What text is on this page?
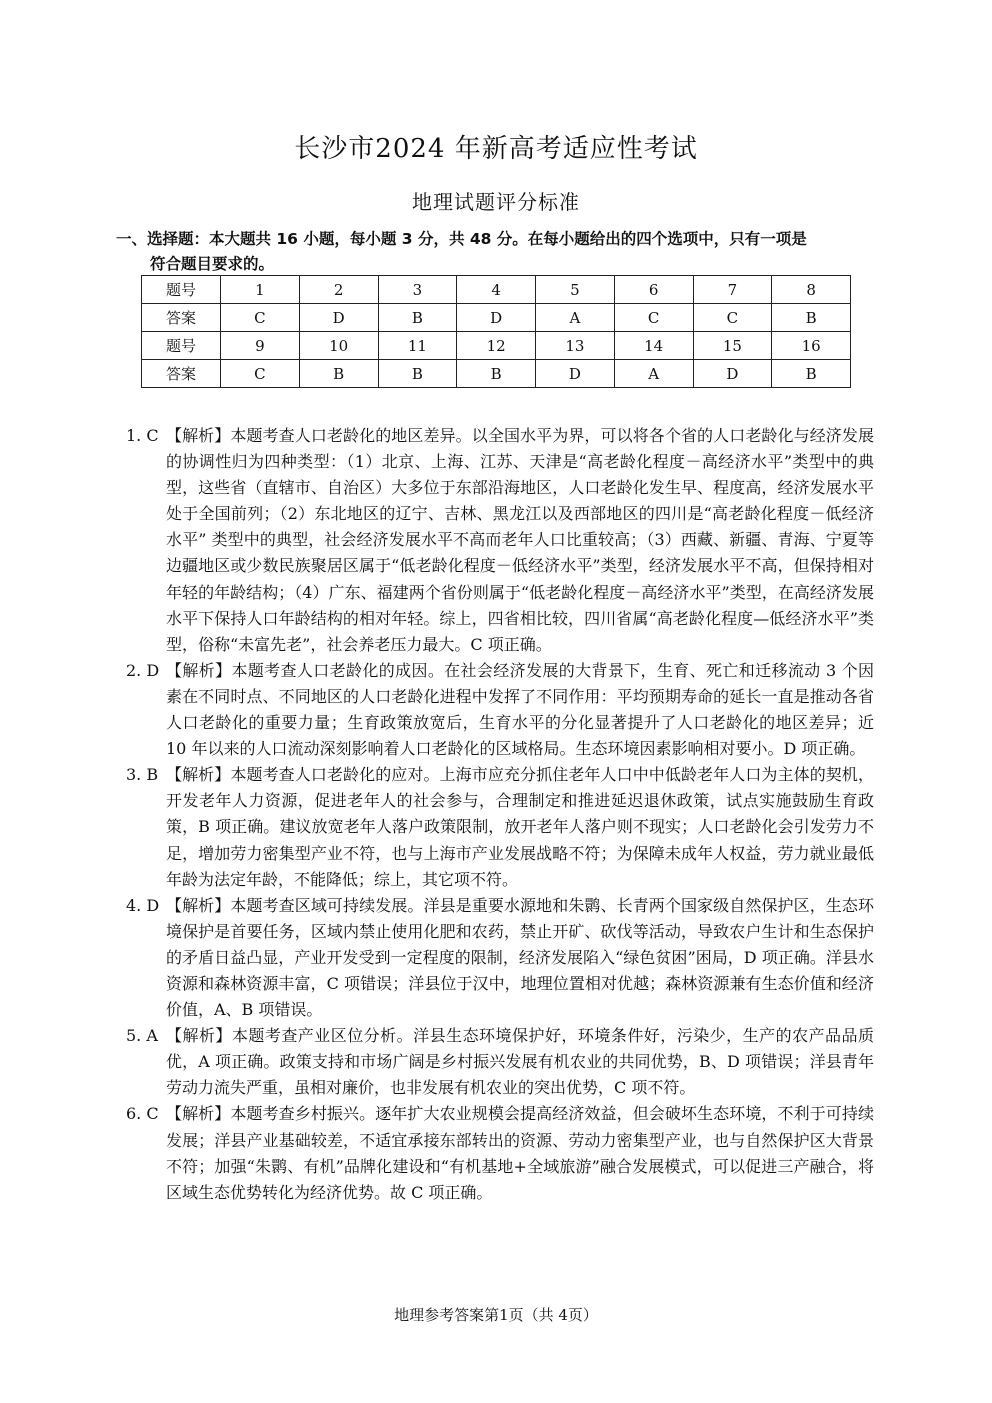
长沙市2024 年新高考适应性考试
地理试题评分标准
一、选择题：本大题共 16 小题，每小题 3 分，共 48 分。在每小题给出的四个选项中，只有一项是
符合题目要求的。
题号	1	2	3	4	5	6	7	8
答案	C	D	B	D	A	C	C	B
题号	9	10	11	12	13	14	15	16
答案	C	B	B	B	D	A	D	B
1. C 【解析】本题考查人口老龄化的地区差异。以全国水平为界，可以将各个省的人口老龄化与经济发展的协调性归为四种类型：（1）北京、上海、江苏、天津是“高老龄化程度－高经济水平”类型中的典型，这些省（直辖市、自治区）大多位于东部沿海地区，人口老龄化发生早、程度高，经济发展水平处于全国前列；（2）东北地区的辽宁、吉林、黑龙江以及西部地区的四川是“高老龄化程度－低经济水平” 类型中的典型，社会经济发展水平不高而老年人口比重较高；（3）西藏、新疆、青海、宁夏等边疆地区或少数民族聚居区属于“低老龄化程度－低经济水平”类型，经济发展水平不高，但保持相对年轻的年龄结构；（4）广东、福建两个省份则属于“低老龄化程度－高经济水平”类型，在高经济发展水平下保持人口年龄结构的相对年轻。综上，四省相比较，四川省属“高老龄化程度—低经济水平”类型，俗称“未富先老”，社会养老压力最大。C 项正确。
2. D 【解析】本题考查人口老龄化的成因。在社会经济发展的大背景下，生育、死亡和迁移流动 3 个因素在不同时点、不同地区的人口老龄化进程中发挥了不同作用：平均预期寿命的延长一直是推动各省人口老龄化的重要力量；生育政策放宽后，生育水平的分化显著提升了人口老龄化的地区差异；近 10 年以来的人口流动深刻影响着人口老龄化的区域格局。生态环境因素影响相对要小。D 项正确。
3. B 【解析】本题考查人口老龄化的应对。上海市应充分抓住老年人口中中低龄老年人口为主体的契机，开发老年人力资源，促进老年人的社会参与，合理制定和推进延迟退休政策，试点实施鼓励生育政策，B 项正确。建议放宽老年人落户政策限制，放开老年人落户则不现实；人口老龄化会引发劳力不足，增加劳力密集型产业不符，也与上海市产业发展战略不符；为保障未成年人权益，劳力就业最低年龄为法定年龄，不能降低；综上，其它项不符。
4. D 【解析】本题考查区域可持续发展。洋县是重要水源地和朱鹮、长青两个国家级自然保护区，生态环境保护是首要任务，区域内禁止使用化肥和农药，禁止开矿、砍伐等活动，导致农户生计和生态保护的矛盾日益凸显，产业开发受到一定程度的限制，经济发展陷入“绿色贫困”困局，D 项正确。洋县水资源和森林资源丰富，C 项错误；洋县位于汉中，地理位置相对优越；森林资源兼有生态价值和经济价值，A、B 项错误。
5. A 【解析】本题考查产业区位分析。洋县生态环境保护好，环境条件好，污染少，生产的农产品品质优，A 项正确。政策支持和市场广阔是乡村振兴发展有机农业的共同优势，B、D 项错误；洋县青年劳动力流失严重，虽相对廉价，也非发展有机农业的突出优势，C 项不符。
6. C 【解析】本题考查乡村振兴。逐年扩大农业规模会提高经济效益，但会破坏生态环境，不利于可持续发展；洋县产业基础较差，不适宜承接东部转出的资源、劳动力密集型产业，也与自然保护区大背景不符；加强“朱鹮、有机”品牌化建设和“有机基地+全域旅游”融合发展模式，可以促进三产融合，将区域生态优势转化为经济优势。故 C 项正确。
地理参考答案第1页（共 4页）
